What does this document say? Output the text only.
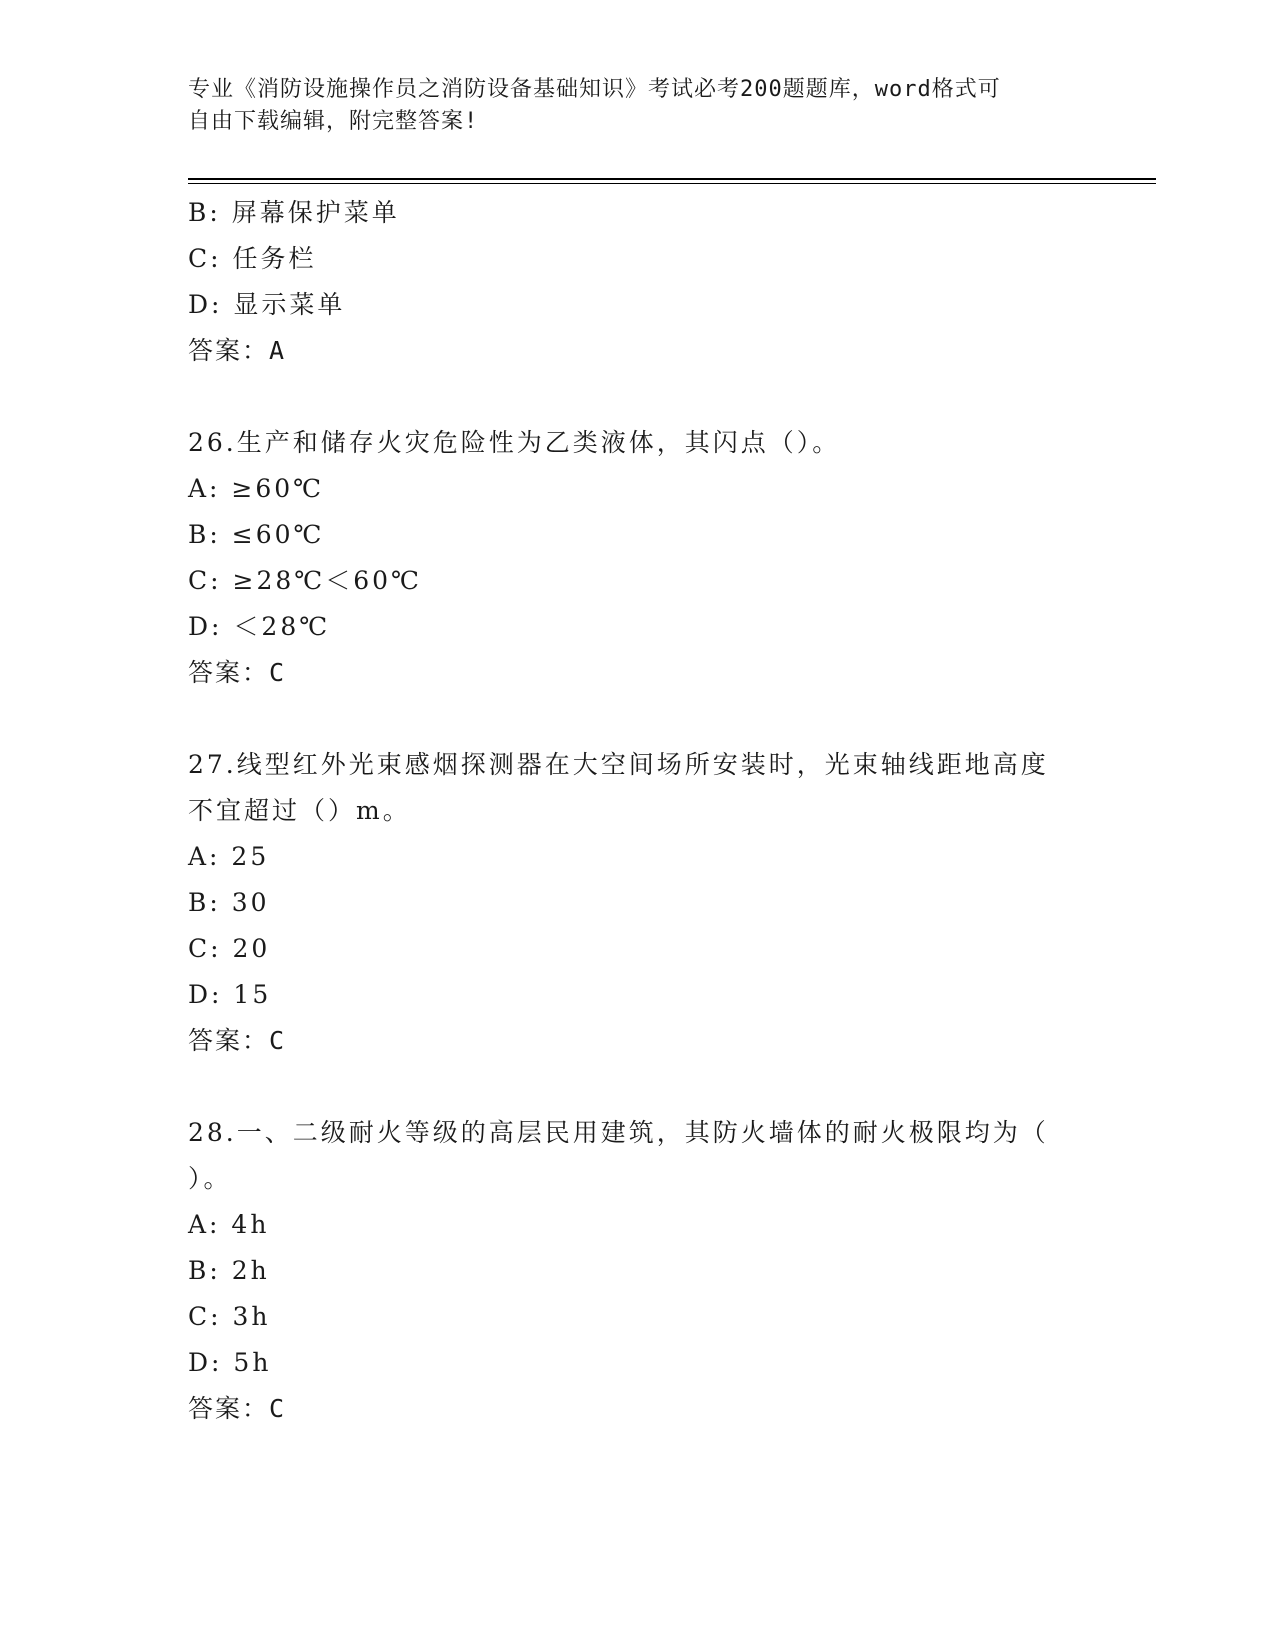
专业《消防设施操作员之消防设备基础知识》考试必考200题题库，word格式可
自由下载编辑，附完整答案!
B: 屏幕保护菜单
C: 任务栏
D: 显示菜单
答案：A
26.生产和储存火灾危险性为乙类液体，其闪点（）。
A: ≥60℃
B: ≤60℃
C: ≥28℃＜60℃
D: ＜28℃
答案：C
27.线型红外光束感烟探测器在大空间场所安装时，光束轴线距地高度
不宜超过（）m。
A: 25
B: 30
C: 20
D: 15
答案：C
28.一、二级耐火等级的高层民用建筑，其防火墙体的耐火极限均为（
）。
A: 4h
B: 2h
C: 3h
D: 5h
答案：C
